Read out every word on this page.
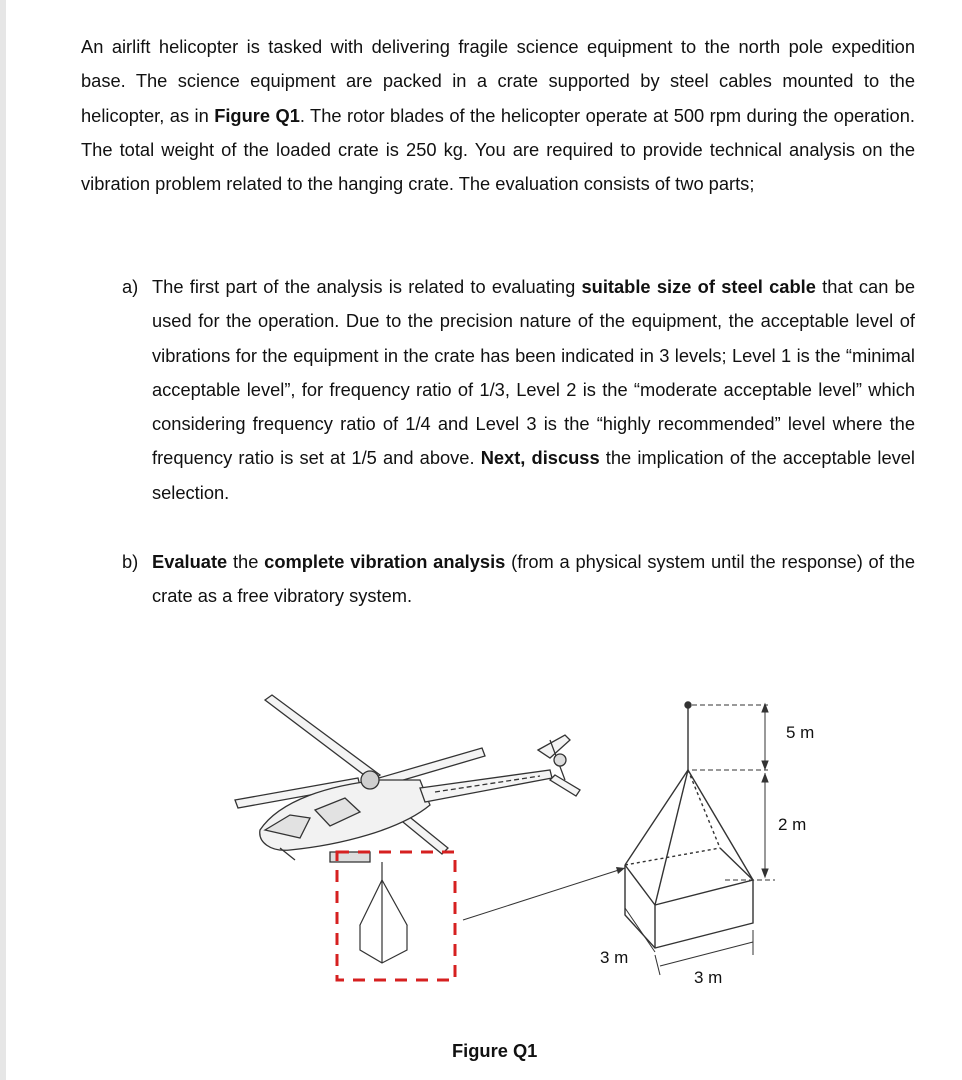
An airlift helicopter is tasked with delivering fragile science equipment to the north pole expedition base. The science equipment are packed in a crate supported by steel cables mounted to the helicopter, as in Figure Q1. The rotor blades of the helicopter operate at 500 rpm during the operation. The total weight of the loaded crate is 250 kg. You are required to provide technical analysis on the vibration problem related to the hanging crate. The evaluation consists of two parts;

a) The first part of the analysis is related to evaluating suitable size of steel cable that can be used for the operation. Due to the precision nature of the equipment, the acceptable level of vibrations for the equipment in the crate has been indicated in 3 levels; Level 1 is the “minimal acceptable level”, for frequency ratio of 1/3, Level 2 is the “moderate acceptable level” which considering frequency ratio of 1/4 and Level 3 is the “highly recommended” level where the frequency ratio is set at 1/5 and above. Next, discuss the implication of the acceptable level selection.
b) Evaluate the complete vibration analysis (from a physical system until the response) of the crate as a free vibratory system.
5 m
2 m
3 m
3 m
Figure Q1
